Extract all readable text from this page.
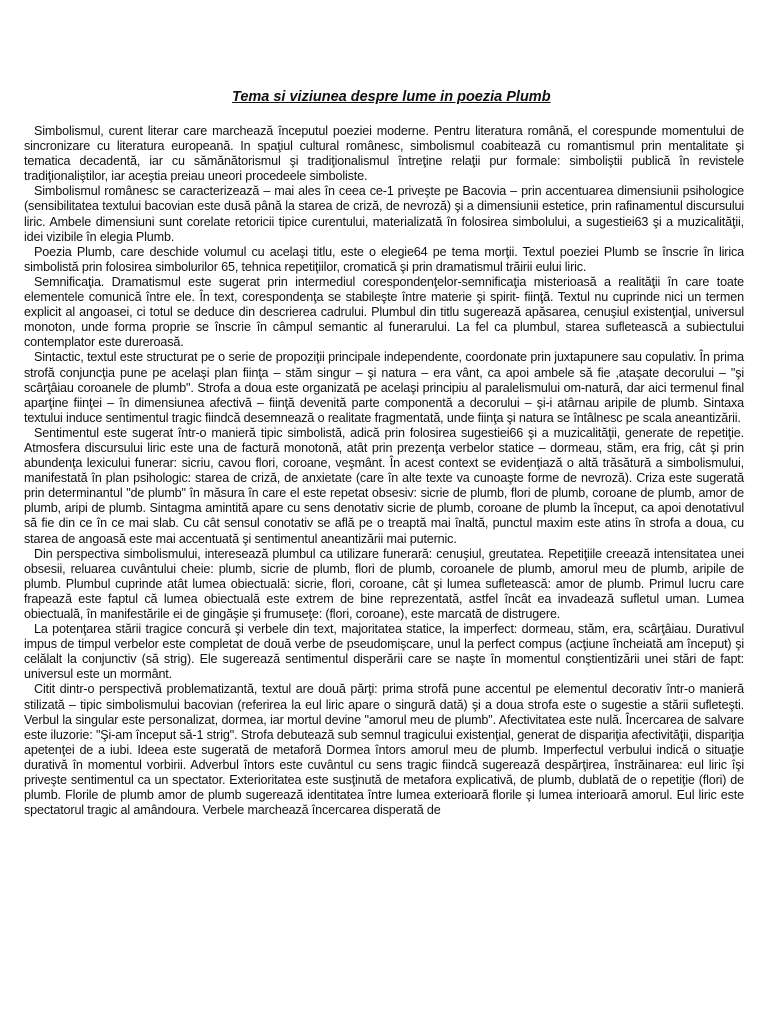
Tema si viziunea despre lume in poezia Plumb

Simbolismul, curent literar care marchează începutul poeziei moderne. Pentru literatura română, el corespunde momentului de sincronizare cu literatura europeană. In spaţiul cultural românesc, simbolismul coabitează cu romantismul prin mentalitate şi tematica decadentă, iar cu sămănătorismul şi tradiţionalismul întreţine relaţii pur formale: simboliştii publică în revistele tradiţionaliştilor, iar aceştia preiau uneori procedeele simboliste.

Simbolismul românesc se caracterizează – mai ales în ceea ce-1 priveşte pe Bacovia – prin accentuarea dimensiunii psihologice (sensibilitatea textului bacovian este dusă până la starea de criză, de nevroză) şi a dimensiunii estetice, prin rafinamentul discursului liric. Ambele dimensiuni sunt corelate retoricii tipice curentului, materializată în folosirea simbolului, a sugestiei63 şi a muzicalităţii, idei vizibile în elegia Plumb.

Poezia Plumb, care deschide volumul cu acelaşi titlu, este o elegie64 pe tema morţii. Textul poeziei Plumb se înscrie în lirica simbolistă prin folosirea simbolurilor 65, tehnica repetiţiilor, cromatică şi prin dramatismul trăirii eului liric.

Semnificaţia. Dramatismul este sugerat prin intermediul corespondenţelor-semnificaţia misterioasă a realităţii în care toate elementele comunică între ele. În text, corespondenţa se stabileşte între materie şi spirit- fiinţă. Textul nu cuprinde nici un termen explicit al angoasei, ci totul se deduce din descrierea cadrului. Plumbul din titlu sugerează apăsarea, cenuşiul existenţial, universul monoton, unde forma proprie se înscrie în câmpul semantic al funerarului. La fel ca plumbul, starea sufletească a subiectului contemplator este dureroasă.

Sintactic, textul este structurat pe o serie de propoziţii principale independente, coordonate prin juxtapunere sau copulativ. În prima strofă conjuncţia pune pe acelaşi plan fiinţa – stăm singur – şi natura – era vânt, ca apoi ambele să fie ,ataşate decorului – "şi scârţâiau coroanele de plumb". Strofa a doua este organizată pe acelaşi principiu al paralelismului om-natură, dar aici termenul final aparţine fiinţei – în dimensiunea afectivă – fiinţă devenită parte componentă a decorului – şi-i atârnau aripile de plumb. Sintaxa textului induce sentimentul tragic fiindcă desemnează o realitate fragmentată, unde fiinţa şi natura se întâlnesc pe scala aneantizării.

Sentimentul este sugerat într-o manieră tipic simbolistă, adică prin folosirea sugestiei66 şi a muzicalităţii, generate de repetiţie. Atmosfera discursului liric este una de factură monotonă, atât prin prezenţa verbelor statice – dormeau, stăm, era frig, cât şi prin abundenţa lexicului funerar: sicriu, cavou flori, coroane, veşmânt. În acest context se evidenţiază o altă trăsătură a simbolismului, manifestată în plan psihologic: starea de criză, de anxietate (care în alte texte va cunoaşte forme de nevroză). Criza este sugerată prin determinantul "de plumb" în măsura în care el este repetat obsesiv: sicrie de plumb, flori de plumb, coroane de plumb, amor de plumb, aripi de plumb. Sintagma amintită apare cu sens denotativ sicrie de plumb, coroane de plumb la început, ca apoi denotativul să fie din ce în ce mai slab. Cu cât sensul conotativ se află pe o treaptă mai înaltă, punctul maxim este atins în strofa a doua, cu starea de angoasă este mai accentuată şi sentimentul aneantizării mai puternic.

Din perspectiva simbolismului, interesează plumbul ca utilizare funerară: cenuşiul, greutatea. Repetiţiile creează intensitatea unei obsesii, reluarea cuvântului cheie: plumb, sicrie de plumb, flori de plumb, coroanele de plumb, amorul meu de plumb, aripile de plumb. Plumbul cuprinde atât lumea obiectuală: sicrie, flori, coroane, cât şi lumea sufletească: amor de plumb. Primul lucru care frapează este faptul că lumea obiectuală este extrem de bine reprezentată, astfel încât ea invadează sufletul uman. Lumea obiectuală, în manifestările ei de gingăşie şi frumuseţe: (flori, coroane), este marcată de distrugere.

La potenţarea stării tragice concură şi verbele din text, majoritatea statice, la imperfect: dormeau, stăm, era, scârţâiau. Durativul impus de timpul verbelor este completat de două verbe de pseudomişcare, unul la perfect compus (acţiune încheiată am început) şi celălalt la conjunctiv (să strig). Ele sugerează sentimentul disperării care se naşte în momentul conştientizării unei stări de fapt: universul este un mormânt.

Citit dintr-o perspectivă problematizantă, textul are două părţi: prima strofă pune accentul pe elementul decorativ într-o manieră stilizată – tipic simbolismului bacovian (referirea la eul liric apare o singură dată) şi a doua strofa este o sugestie a stării sufleteşti. Verbul la singular este personalizat, dormea, iar mortul devine "amorul meu de plumb". Afectivitatea este nulă. Încercarea de salvare este iluzorie: "Şi-am început să-1 strig". Strofa debutează sub semnul tragicului existenţial, generat de dispariţia afectivităţii, dispariţia apetenţei de a iubi. Ideea este sugerată de metaforă Dormea întors amorul meu de plumb. Imperfectul verbului indică o situaţie durativă în momentul vorbirii. Adverbul întors este cuvântul cu sens tragic fiindcă sugerează despărţirea, înstrăinarea: eul liric îşi priveşte sentimentul ca un spectator. Exterioritatea este susţinută de metafora explicativă, de plumb, dublată de o repetiţie (flori) de plumb. Florile de plumb amor de plumb sugerează identitatea între lumea exterioară florile şi lumea interioară amorul. Eul liric este spectatorul tragic al amândoura. Verbele marchează încercarea disperată de
